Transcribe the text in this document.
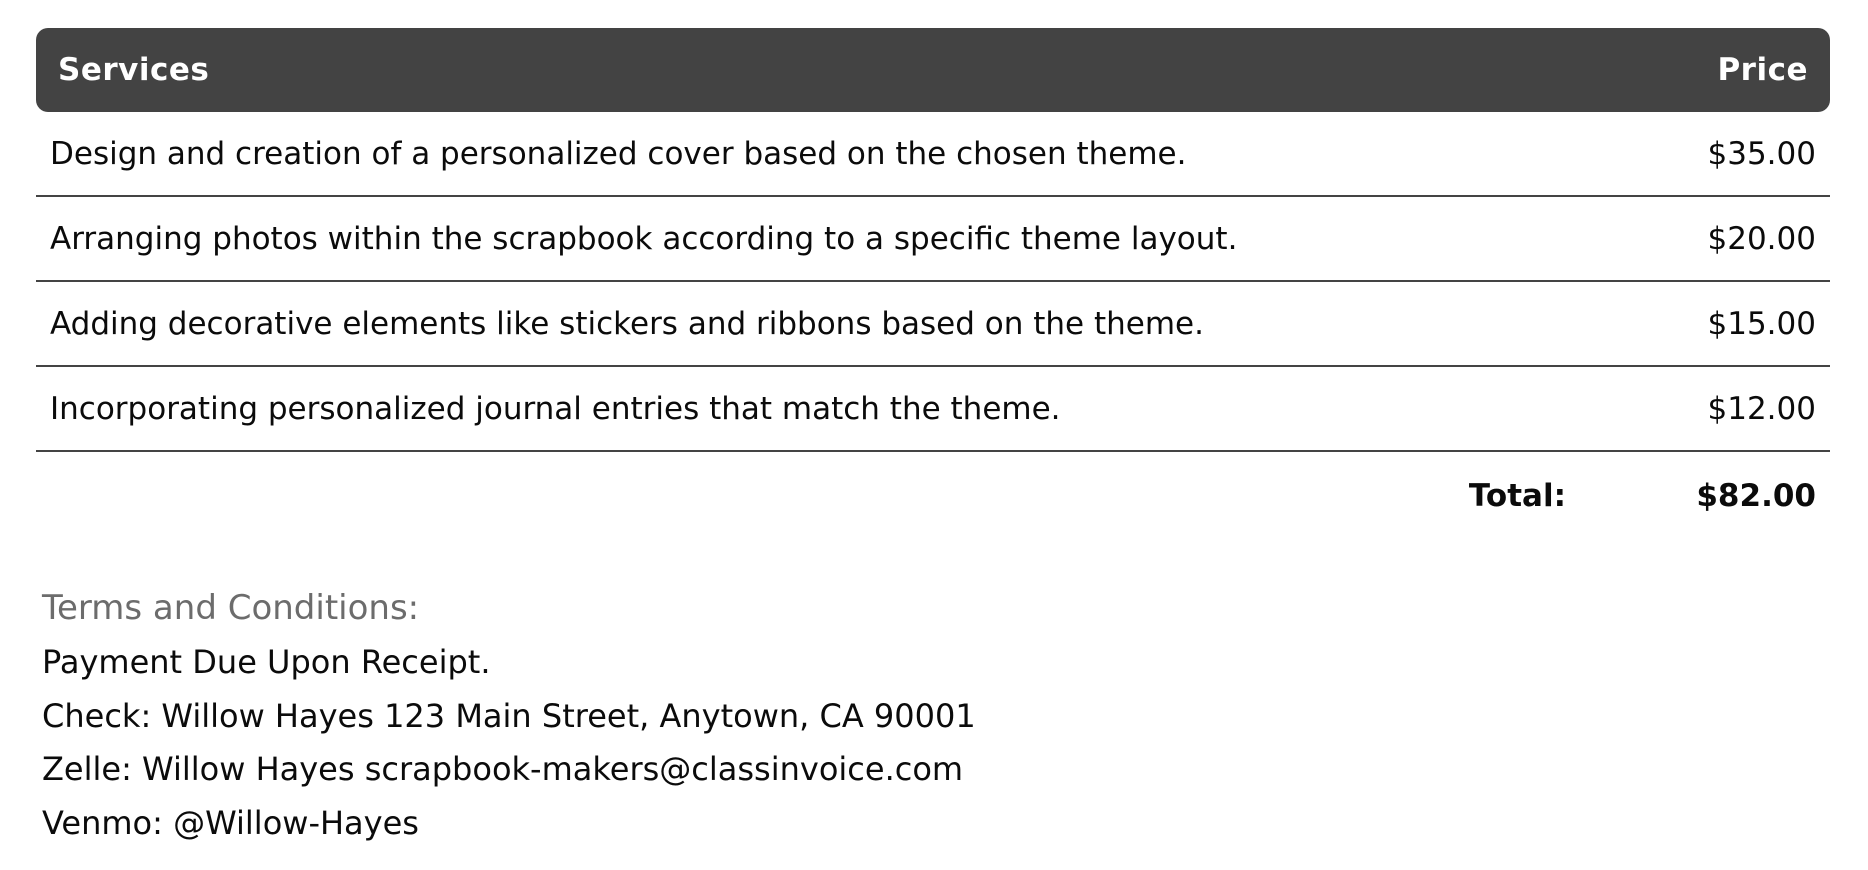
Services	Price
Design and creation of a personalized cover based on the chosen theme.	$35.00
Arranging photos within the scrapbook according to a specific theme layout.	$20.00
Adding decorative elements like stickers and ribbons based on the theme.	$15.00
Incorporating personalized journal entries that match the theme.	$12.00
Total:	$82.00
Terms and Conditions:

Payment Due Upon Receipt.

Check: Willow Hayes 123 Main Street, Anytown, CA 90001

Zelle: Willow Hayes scrapbook-makers@classinvoice.com

Venmo: @Willow-Hayes
